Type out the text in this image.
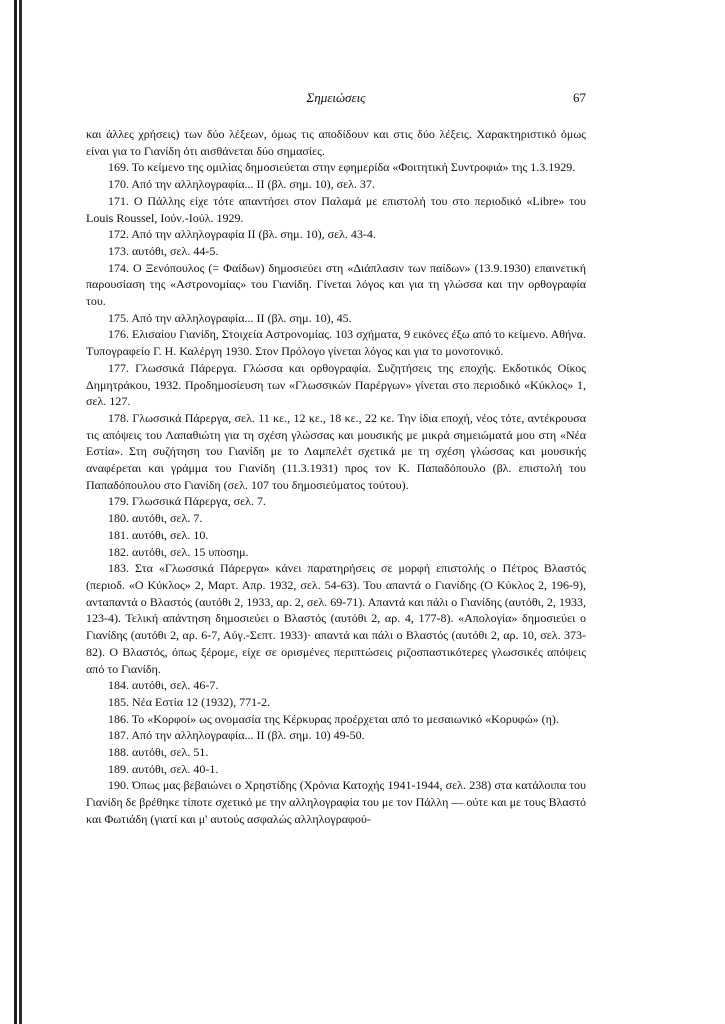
Σημειώσεις	67

και άλλες χρήσεις) των δύο λέξεων, όμως τις αποδίδουν και στις δύο λέξεις. Χαρακτηριστικό όμως είναι για το Γιανίδη ότι αισθάνεται δύο σημασίες.

169. Το κείμενο της ομιλίας δημοσιεύεται στην εφημερίδα «Φοιτητική Συντροφιά» της 1.3.1929.

170. Από την αλληλογραφία... II (βλ. σημ. 10), σελ. 37.

171. Ο Πάλλης είχε τότε απαντήσει στον Παλαμά με επιστολή του στο περιοδικό «Libre» του Louis Roussel, Ιούν.-Ιούλ. 1929.

172. Από την αλληλογραφία II (βλ. σημ. 10), σελ. 43-4.

173. αυτόθι, σελ. 44-5.

174. Ο Ξενόπουλος (= Φαίδων) δημοσιεύει στη «Διάπλασιν των παίδων» (13.9.1930) επαινετική παρουσίαση της «Αστρονομίας» του Γιανίδη. Γίνεται λόγος και για τη γλώσσα και την ορθογραφία του.

175. Από την αλληλογραφία... II (βλ. σημ. 10), 45.

176. Ελισαίου Γιανίδη, Στοιχεία Αστρονομίας. 103 σχήματα, 9 εικόνες έξω από το κείμενο. Αθήνα. Τυπογραφείο Γ. Η. Καλέργη 1930. Στον Πρόλογο γίνεται λόγος και για το μονοτονικό.

177. Γλωσσικά Πάρεργα. Γλώσσα και ορθογραφία. Συζητήσεις της εποχής. Εκδοτικός Οίκος Δημητράκου, 1932. Προδημοσίευση των «Γλωσσικών Παρέργων» γίνεται στο περιοδικό «Κύκλος» 1, σελ. 127.

178. Γλωσσικά Πάρεργα, σελ. 11 κε., 12 κε., 18 κε., 22 κε. Την ίδια εποχή, νέος τότε, αντέκρουσα τις απόψεις του Λαπαθιώτη για τη σχέση γλώσσας και μουσικής με μικρά σημειώματά μου στη «Νέα Εστία». Στη συζήτηση του Γιανίδη με το Λαμπελέτ σχετικά με τη σχέση γλώσσας και μουσικής αναφέρεται και γράμμα του Γιανίδη (11.3.1931) προς τον Κ. Παπαδόπουλο (βλ. επιστολή του Παπαδόπουλου στο Γιανίδη (σελ. 107 του δημοσιεύματος τούτου).

179. Γλωσσικά Πάρεργα, σελ. 7.

180. αυτόθι, σελ. 7.

181. αυτόθι, σελ. 10.

182. αυτόθι, σελ. 15 υποσημ.

183. Στα «Γλωσσικά Πάρεργα» κάνει παρατηρήσεις σε μορφή επιστολής ο Πέτρος Βλαστός (περιοδ. «Ο Κύκλος» 2, Μαρτ. Απρ. 1932, σελ. 54-63). Του απαντά ο Γιανίδης (Ο Κύκλος 2, 196-9), ανταπαντά ο Βλαστός (αυτόθι 2, 1933, αρ. 2, σελ. 69-71). Απαντά και πάλι ο Γιανίδης (αυτόθι, 2, 1933, 123-4). Τελική απάντηση δημοσιεύει ο Βλαστός (αυτόθι 2, αρ. 4, 177-8). «Απολογία» δημοσιεύει ο Γιανίδης (αυτόθι 2, αρ. 6-7, Αύγ.-Σεπτ. 1933)· απαντά και πάλι ο Βλαστός (αυτόθι 2, αρ. 10, σελ. 373-82). Ο Βλαστός, όπως ξέρομε, είχε σε ορισμένες περιπτώσεις ριζοσπαστικότερες γλωσσικές απόψεις από το Γιανίδη.

184. αυτόθι, σελ. 46-7.

185. Νέα Εστία 12 (1932), 771-2.

186. Το «Κορφοί» ως ονομασία της Κέρκυρας προέρχεται από το μεσαιωνικό «Κορυφώ» (η).

187. Από την αλληλογραφία... II (βλ. σημ. 10) 49-50.

188. αυτόθι, σελ. 51.

189. αυτόθι, σελ. 40-1.

190. Όπως μας βεβαιώνει ο Χρηστίδης (Χρόνια Κατοχής 1941-1944, σελ. 238) στα κατάλοιπα του Γιανίδη δε βρέθηκε τίποτε σχετικό με την αλληλογραφία του με τον Πάλλη — ούτε και με τους Βλαστό και Φωτιάδη (γιατί και μ' αυτούς ασφαλώς αλληλογραφού-
